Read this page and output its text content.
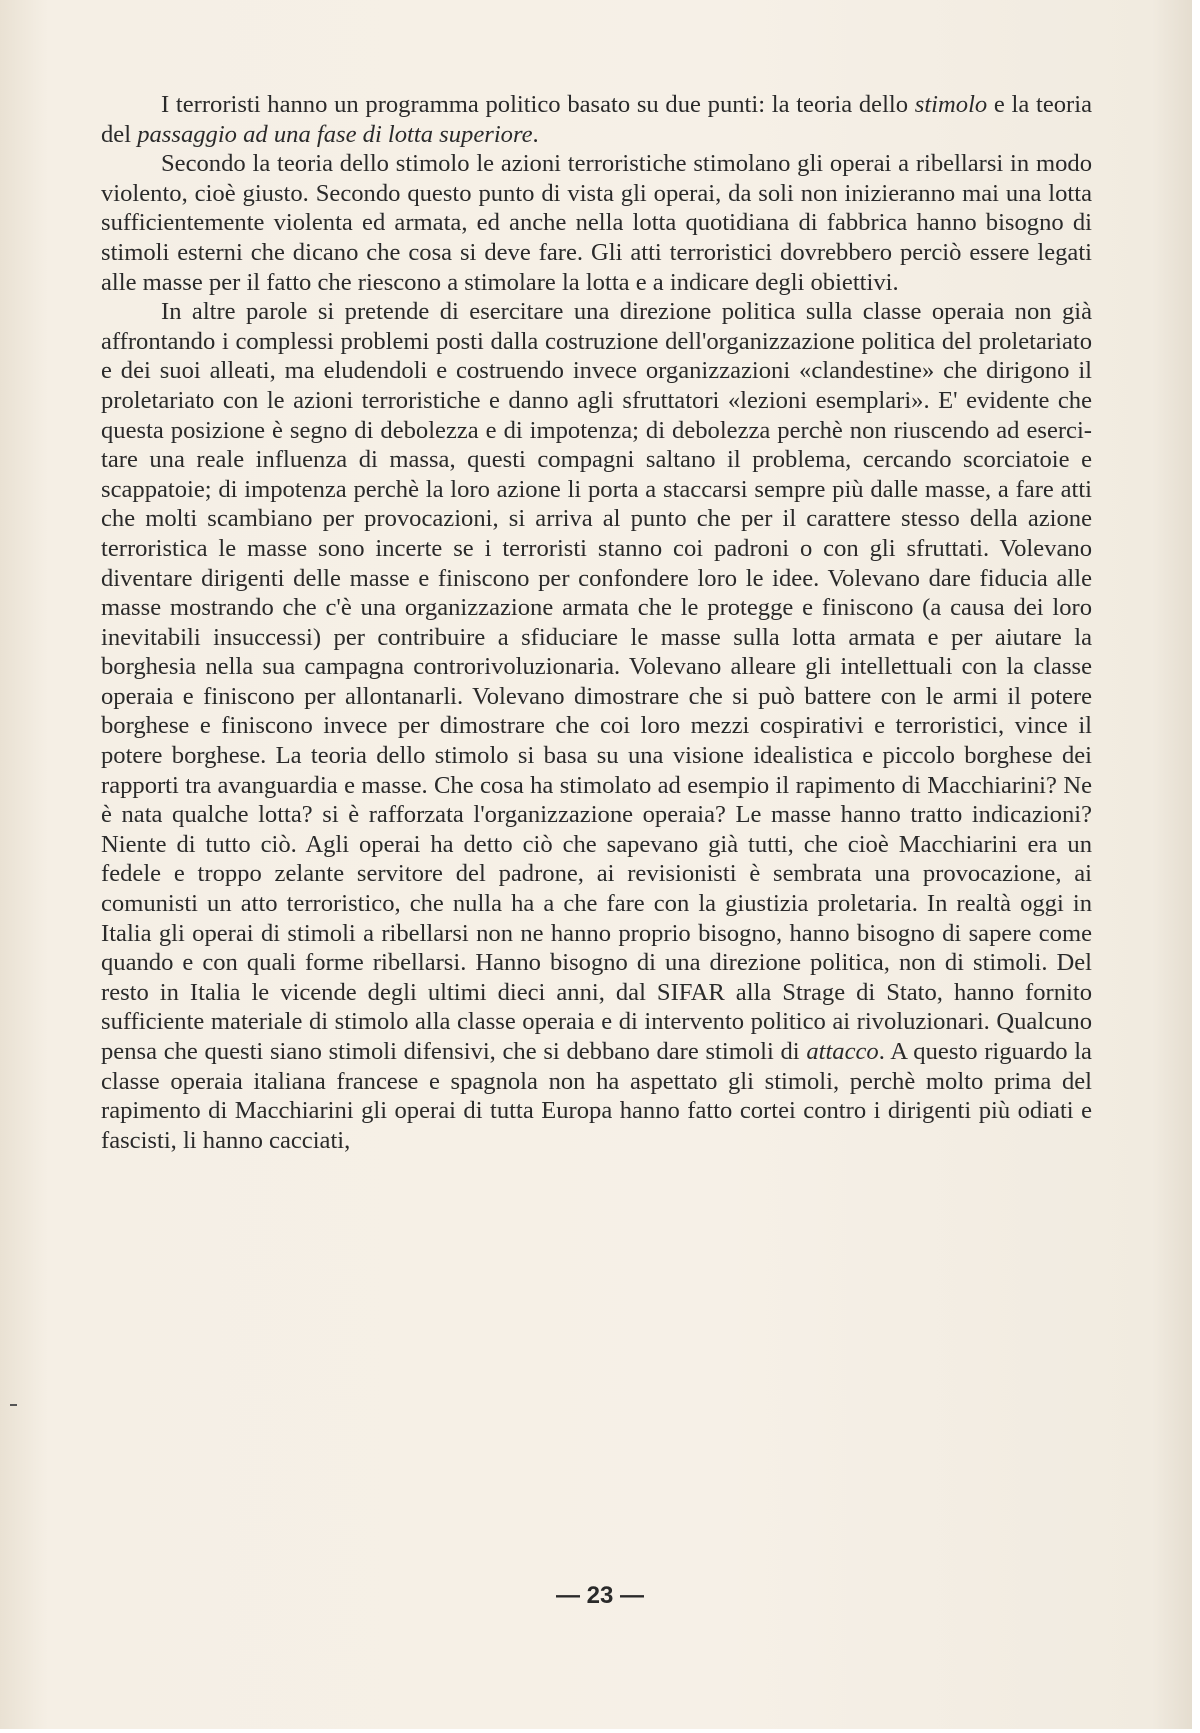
I terroristi hanno un programma politico basato su due punti: la teoria dello stimolo e la teoria del passaggio ad una fase di lotta superiore.

Secondo la teoria dello stimolo le azioni terroristiche stimolano gli operai a ribellarsi in modo violento, cioè giusto. Secondo questo punto di vista gli operai, da soli non inizieranno mai una lotta sufficientemente violenta ed armata, ed anche nella lotta quotidiana di fabbrica hanno bisogno di stimoli esterni che dicano che cosa si deve fare. Gli atti terroristici dovrebbero perciò essere legati alle masse per il fatto che riescono a stimolare la lotta e a indicare degli obiettivi.

In altre parole si pretende di esercitare una direzione politica sulla classe operaia non già affrontando i complessi problemi posti dalla costruzione dell'organizzazione politica del proletariato e dei suoi alleati, ma eludendoli e costruendo invece organizzazioni «clandestine» che dirigono il proletariato con le azioni terroristiche e danno agli sfruttatori «lezioni esemplari». E' evidente che questa posizione è segno di debolezza e di impotenza; di debolezza perchè non riuscendo ad esercitare una reale influenza di massa, questi compagni saltano il problema, cercando scorciatoie e scappatoie; di impotenza perchè la loro azione li porta a staccarsi sempre più dalle masse, a fare atti che molti scambiano per provocazioni, si arriva al punto che per il carattere stesso della azione terroristica le masse sono incerte se i terroristi stanno coi padroni o con gli sfruttati. Volevano diventare dirigenti delle masse e finiscono per confondere loro le idee. Volevano dare fiducia alle masse mostrando che c'è una organizzazione armata che le protegge e finiscono (a causa dei loro inevitabili insuccessi) per contribuire a sfiduciare le masse sulla lotta armata e per aiutare la borghesia nella sua campagna controrivoluzionaria. Volevano alleare gli intellettuali con la classe operaia e finiscono per allontanarli. Volevano dimostrare che si può battere con le armi il potere borghese e finiscono invece per dimostrare che coi loro mezzi cospirativi e terroristici, vince il potere borghese. La teoria dello stimolo si basa su una visione idealistica e piccolo borghese dei rapporti tra avanguardia e masse. Che cosa ha stimolato ad esempio il rapimento di Macchiarini? Ne è nata qualche lotta? si è rafforzata l'organizzazione operaia? Le masse hanno tratto indicazioni? Niente di tutto ciò. Agli operai ha detto ciò che sapevano già tutti, che cioè Macchiarini era un fedele e troppo zelante servitore del padrone, ai revisionisti è sembrata una provocazione, ai comunisti un atto terroristico, che nulla ha a che fare con la giustizia proletaria. In realtà oggi in Italia gli operai di stimoli a ribellarsi non ne hanno proprio bisogno, hanno bisogno di sapere come quando e con quali forme ribellarsi. Hanno bisogno di una direzione politica, non di stimoli. Del resto in Italia le vicende degli ultimi dieci anni, dal SIFAR alla Strage di Stato, hanno fornito sufficiente materiale di stimolo alla classe operaia e di intervento politico ai rivoluzionari. Qualcuno pensa che questi siano stimoli difensivi, che si debbano dare stimoli di attacco. A questo riguardo la classe operaia italiana francese e spagnola non ha aspettato gli stimoli, perchè molto prima del rapimento di Macchiarini gli operai di tutta Europa hanno fatto cortei contro i dirigenti più odiati e fascisti, li hanno cacciati,

— 23 —
